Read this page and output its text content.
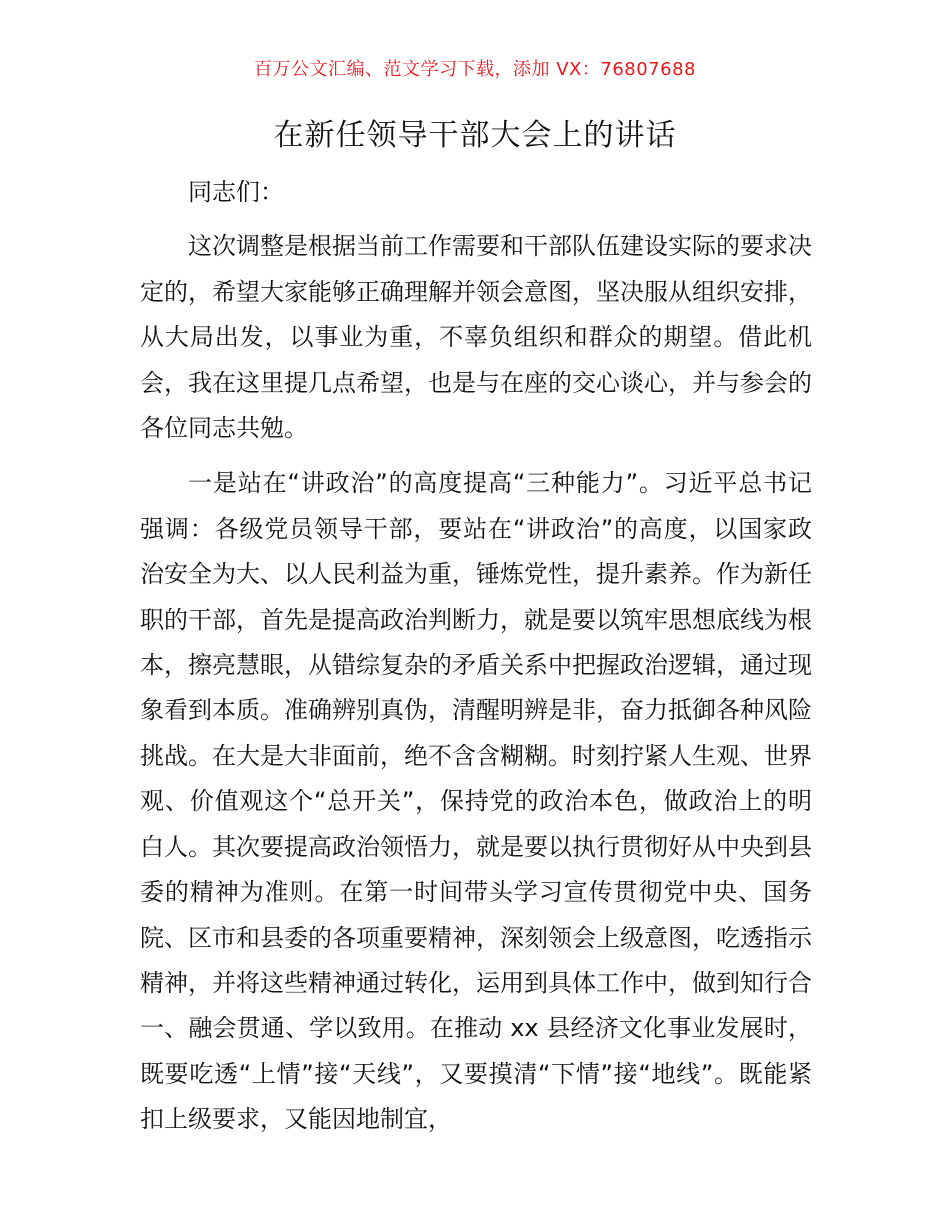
百万公文汇编、范文学习下载，添加 VX：76807688
在新任领导干部大会上的讲话

同志们：

这次调整是根据当前工作需要和干部队伍建设实际的要求决定的，希望大家能够正确理解并领会意图，坚决服从组织安排，从大局出发，以事业为重，不辜负组织和群众的期望。借此机会，我在这里提几点希望，也是与在座的交心谈心，并与参会的各位同志共勉。

一是站在“讲政治”的高度提高“三种能力”。习近平总书记强调：各级党员领导干部，要站在“讲政治”的高度，以国家政治安全为大、以人民利益为重，锤炼党性，提升素养。作为新任职的干部，首先是提高政治判断力，就是要以筑牢思想底线为根本，擦亮慧眼，从错综复杂的矛盾关系中把握政治逻辑，通过现象看到本质。准确辨别真伪，清醒明辨是非，奋力抵御各种风险挑战。在大是大非面前，绝不含含糊糊。时刻拧紧人生观、世界观、价值观这个“总开关”，保持党的政治本色，做政治上的明白人。其次要提高政治领悟力，就是要以执行贯彻好从中央到县委的精神为准则。在第一时间带头学习宣传贯彻党中央、国务院、区市和县委的各项重要精神，深刻领会上级意图，吃透指示精神，并将这些精神通过转化，运用到具体工作中，做到知行合一、融会贯通、学以致用。在推动 xx 县经济文化事业发展时，既要吃透“上情”接“天线”，又要摸清“下情”接“地线”。既能紧扣上级要求，又能因地制宜，
